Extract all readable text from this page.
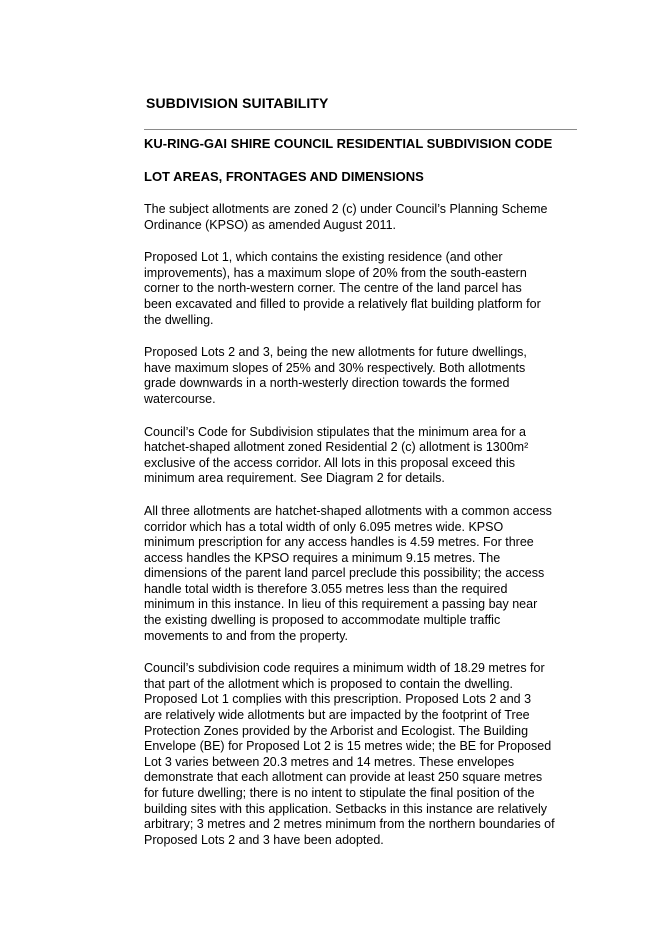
SUBDIVISION SUITABILITY

KU-RING-GAI SHIRE COUNCIL RESIDENTIAL SUBDIVISION CODE

LOT AREAS, FRONTAGES AND DIMENSIONS

The subject allotments are zoned 2 (c) under Council’s Planning Scheme
Ordinance (KPSO) as amended August 2011.

Proposed Lot 1, which contains the existing residence (and other
improvements), has a maximum slope of 20% from the south-eastern
corner to the north-western corner. The centre of the land parcel has
been excavated and filled to provide a relatively flat building platform for
the dwelling.

Proposed Lots 2 and 3, being the new allotments for future dwellings,
have maximum slopes of 25% and 30% respectively. Both allotments
grade downwards in a north-westerly direction towards the formed
watercourse.

Council’s Code for Subdivision stipulates that the minimum area for a
hatchet-shaped allotment zoned Residential 2 (c) allotment is 1300m²
exclusive of the access corridor. All lots in this proposal exceed this
minimum area requirement. See Diagram 2 for details.

All three allotments are hatchet-shaped allotments with a common access
corridor which has a total width of only 6.095 metres wide. KPSO
minimum prescription for any access handles is 4.59 metres. For three
access handles the KPSO requires a minimum 9.15 metres. The
dimensions of the parent land parcel preclude this possibility; the access
handle total width is therefore 3.055 metres less than the required
minimum in this instance. In lieu of this requirement a passing bay near
the existing dwelling is proposed to accommodate multiple traffic
movements to and from the property.

Council’s subdivision code requires a minimum width of 18.29 metres for
that part of the allotment which is proposed to contain the dwelling.
Proposed Lot 1 complies with this prescription. Proposed Lots 2 and 3
are relatively wide allotments but are impacted by the footprint of Tree
Protection Zones provided by the Arborist and Ecologist. The Building
Envelope (BE) for Proposed Lot 2 is 15 metres wide; the BE for Proposed
Lot 3 varies between 20.3 metres and 14 metres. These envelopes
demonstrate that each allotment can provide at least 250 square metres
for future dwelling; there is no intent to stipulate the final position of the
building sites with this application. Setbacks in this instance are relatively
arbitrary; 3 metres and 2 metres minimum from the northern boundaries of
Proposed Lots 2 and 3 have been adopted.
